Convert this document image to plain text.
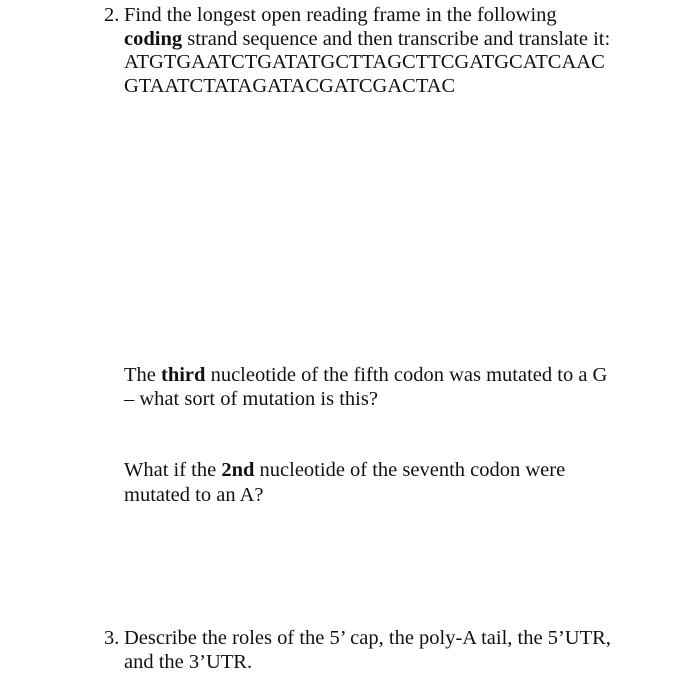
2. Find the longest open reading frame in the following
coding strand sequence and then transcribe and translate it:
ATGTGAATCTGATATGCTTAGCTTCGATGCATCAAC
GTAATCTATAGATACGATCGACTAC
The third nucleotide of the fifth codon was mutated to a G
– what sort of mutation is this?
What if the 2nd nucleotide of the seventh codon were
mutated to an A?
3. Describe the roles of the 5’ cap, the poly-A tail, the 5’UTR,
and the 3’UTR.
